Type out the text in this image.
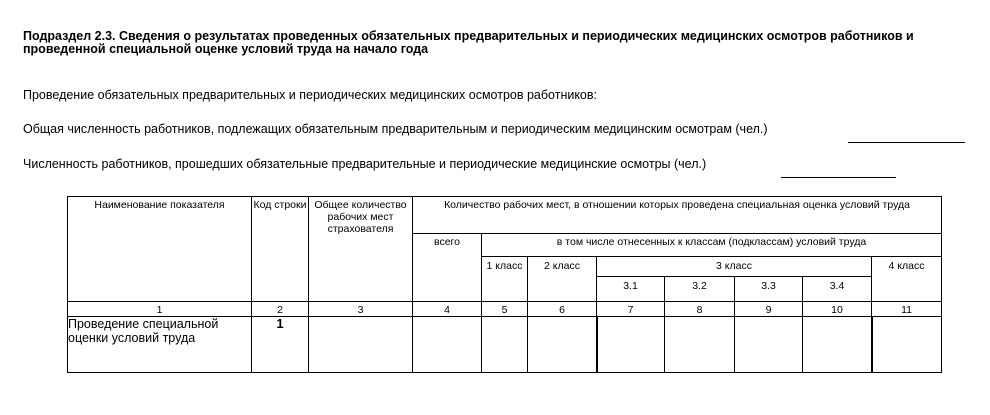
Подраздел 2.3. Сведения о результатах проведенных обязательных предварительных и периодических медицинских осмотров работников и проведенной специальной оценке условий труда на начало года
Проведение обязательных предварительных и периодических медицинских осмотров работников:
Общая численность работников, подлежащих обязательным предварительным и периодическим медицинским осмотрам (чел.)
Численность работников, прошедших обязательные предварительные и периодические медицинские осмотры (чел.)
Наименование показателя	Код строки	Общее количество рабочих мест страхователя	Количество рабочих мест, в отношении которых проведена специальная оценка условий труда							
			всего	в том числе отнесенных к классам (подклассам) условий труда						
				1 класс	2 класс	3 класс				4 класс
						3.1	3.2	3.3	3.4	
1	2	3	4	5	6	7	8	9	10	11
Проведение специальной оценки условий труда	1									
